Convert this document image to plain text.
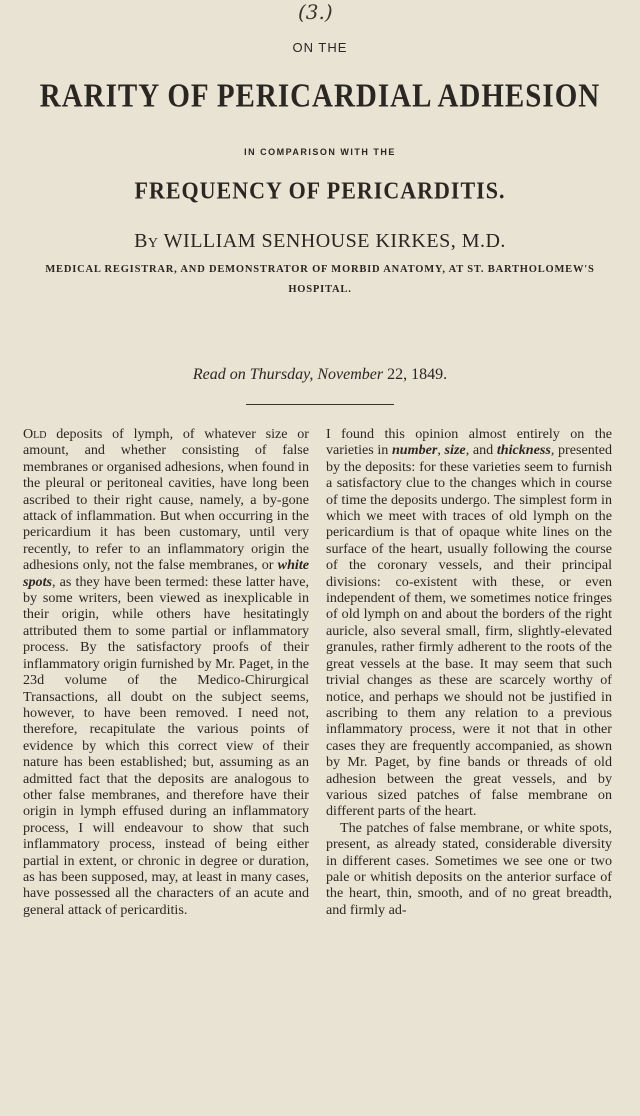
(3.)
ON THE
RARITY OF PERICARDIAL ADHESION
IN COMPARISON WITH THE
FREQUENCY OF PERICARDITIS.
By WILLIAM SENHOUSE KIRKES, M.D.
MEDICAL REGISTRAR, AND DEMONSTRATOR OF MORBID ANATOMY, AT ST. BARTHOLOMEW'S
HOSPITAL.
Read on Thursday, November 22, 1849.

Old deposits of lymph, of whatever size or amount, and whether consisting of false membranes or organised adhesions, when found in the pleural or peritoneal cavities, have long been ascribed to their right cause, namely, a by-gone attack of inflammation. But when occurring in the pericardium it has been customary, until very recently, to refer to an inflammatory origin the adhesions only, not the false membranes, or white spots, as they have been termed: these latter have, by some writers, been viewed as inexplicable in their origin, while others have hesitatingly attributed them to some partial or inflammatory process. By the satisfactory proofs of their inflammatory origin furnished by Mr. Paget, in the 23d volume of the Medico-Chirurgical Transactions, all doubt on the subject seems, however, to have been removed. I need not, therefore, recapitulate the various points of evidence by which this correct view of their nature has been established; but, assuming as an admitted fact that the deposits are analogous to other false membranes, and therefore have their origin in lymph effused during an inflammatory process, I will endeavour to show that such inflammatory process, instead of being either partial in extent, or chronic in degree or duration, as has been supposed, may, at least in many cases, have possessed all the characters of an acute and general attack of pericarditis.

I found this opinion almost entirely on the varieties in number, size, and thickness, presented by the deposits: for these varieties seem to furnish a satisfactory clue to the changes which in course of time the deposits undergo. The simplest form in which we meet with traces of old lymph on the pericardium is that of opaque white lines on the surface of the heart, usually following the course of the coronary vessels, and their principal divisions: co-existent with these, or even independent of them, we sometimes notice fringes of old lymph on and about the borders of the right auricle, also several small, firm, slightly-elevated granules, rather firmly adherent to the roots of the great vessels at the base. It may seem that such trivial changes as these are scarcely worthy of notice, and perhaps we should not be justified in ascribing to them any relation to a previous inflammatory process, were it not that in other cases they are frequently accompanied, as shown by Mr. Paget, by fine bands or threads of old adhesion between the great vessels, and by various sized patches of false membrane on different parts of the heart.

The patches of false membrane, or white spots, present, as already stated, considerable diversity in different cases. Sometimes we see one or two pale or whitish deposits on the anterior surface of the heart, thin, smooth, and of no great breadth, and firmly ad-
